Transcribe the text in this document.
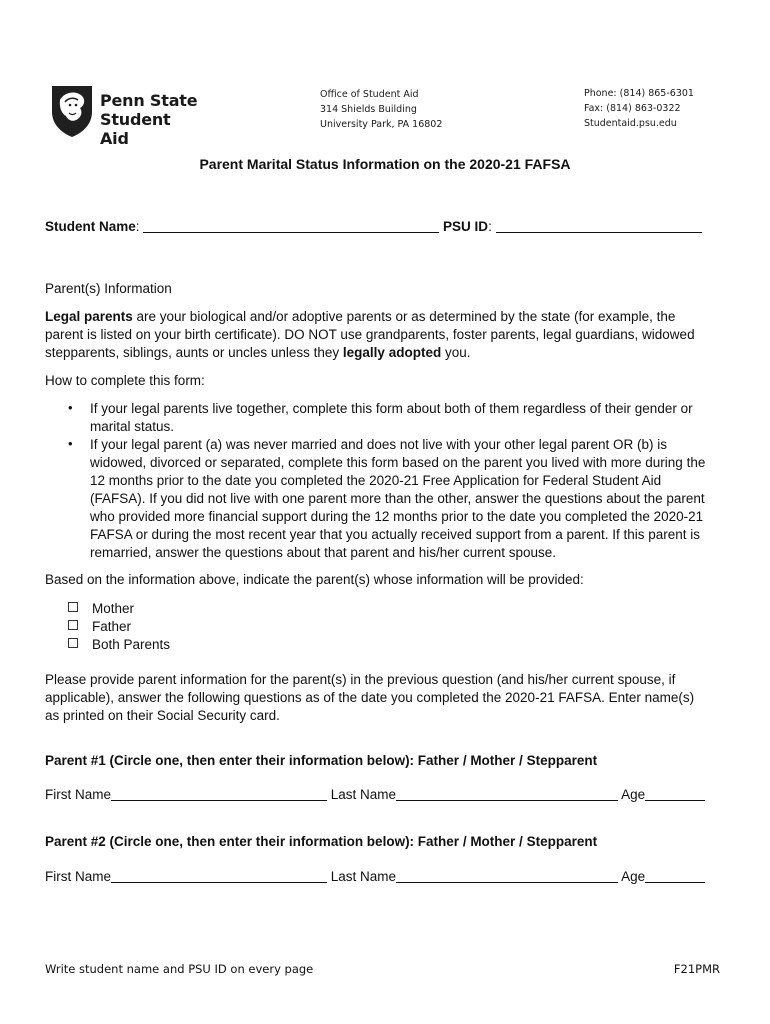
Penn State
Student Aid
Office of Student Aid
314 Shields Building
University Park, PA 16802
Phone: (814) 865-6301
Fax: (814) 863-0322
Studentaid.psu.edu
Parent Marital Status Information on the 2020-21 FAFSA
Student Name:	PSU ID:
Parent(s) Information
Legal parents are your biological and/or adoptive parents or as determined by the state (for example, the
parent is listed on your birth certificate). DO NOT use grandparents, foster parents, legal guardians, widowed
stepparents, siblings, aunts or uncles unless they legally adopted you.
How to complete this form:
• If your legal parents live together, complete this form about both of them regardless of their gender or
marital status.
• If your legal parent (a) was never married and does not live with your other legal parent OR (b) is
widowed, divorced or separated, complete this form based on the parent you lived with more during the
12 months prior to the date you completed the 2020-21 Free Application for Federal Student Aid
(FAFSA). If you did not live with one parent more than the other, answer the questions about the parent
who provided more financial support during the 12 months prior to the date you completed the 2020-21
FAFSA or during the most recent year that you actually received support from a parent. If this parent is
remarried, answer the questions about that parent and his/her current spouse.
Based on the information above, indicate the parent(s) whose information will be provided:
Mother
Father
Both Parents
Please provide parent information for the parent(s) in the previous question (and his/her current spouse, if
applicable), answer the following questions as of the date you completed the 2020-21 FAFSA. Enter name(s)
as printed on their Social Security card.
Parent #1 (Circle one, then enter their information below): Father / Mother / Stepparent
First Name	Last Name	Age
Parent #2 (Circle one, then enter their information below): Father / Mother / Stepparent
First Name	Last Name	Age
Write student name and PSU ID on every page	F21PMR
